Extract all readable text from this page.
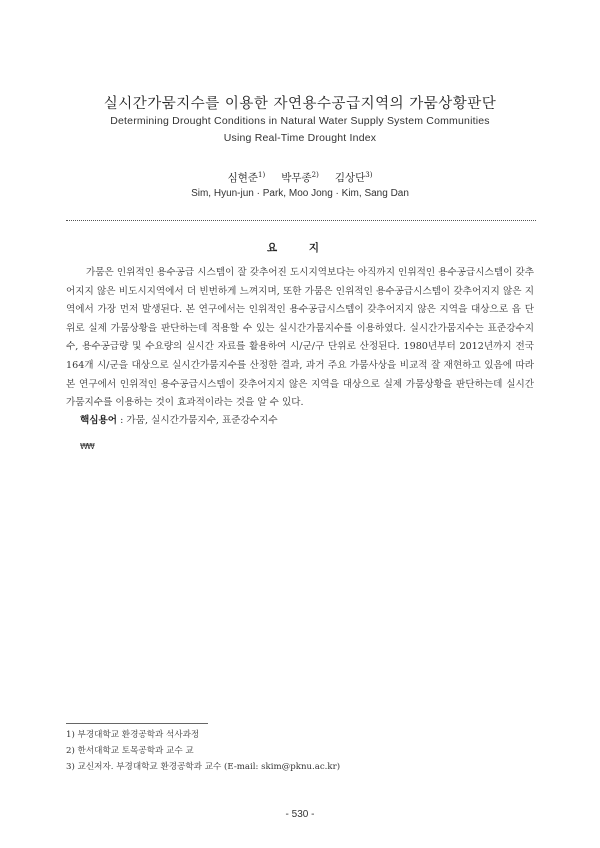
실시간가뭄지수를 이용한 자연용수공급지역의 가뭄상황판단
Determining Drought Conditions in Natural Water Supply System Communities
Using Real-Time Drought Index
심현준$^{1)}$ 박무종$^{2)}$ 김상단$^{3)}$
Sim, Hyun-jun · Park, Moo Jong · Kim, Sang Dan
요 지

가뭄은 인위적인 용수공급 시스템이 잘 갖추어진 도시지역보다는 아직까지 인위적인 용수공급시스템이 갖추어지지 않은 비도시지역에서 더 빈번하게 느껴지며, 또한 가뭄은 인위적인 용수공급시스템이 갖추어지지 않은 지역에서 가장 먼저 발생된다. 본 연구에서는 인위적인 용수공급시스템이 갖추어지지 않은 지역을 대상으로 읍 단위로 실제 가뭄상황을 판단하는데 적용할 수 있는 실시간가뭄지수를 이용하였다. 실시간가뭄지수는 표준강수지수, 용수공급량 및 수요량의 실시간 자료를 활용하여 시/군/구 단위로 산정된다. 1980년부터 2012년까지 전국 164개 시/군을 대상으로 실시간가뭄지수를 산정한 결과, 과거 주요 가뭄사상을 비교적 잘 재현하고 있음에 따라 본 연구에서 인위적인 용수공급시스템이 갖추어지지 않은 지역을 대상으로 실제 가뭄상황을 판단하는데 실시간가뭄지수를 이용하는 것이 효과적이라는 것을 알 수 있다.

핵심용어 : 가뭄, 실시간가뭄지수, 표준강수지수
₩₩
1) 부경대학교 환경공학과 석사과정
2) 한서대학교 토목공학과 교수 교
3) 교신저자. 부경대학교 환경공학과 교수 (E-mail: skim@pknu.ac.kr)
- 530 -
